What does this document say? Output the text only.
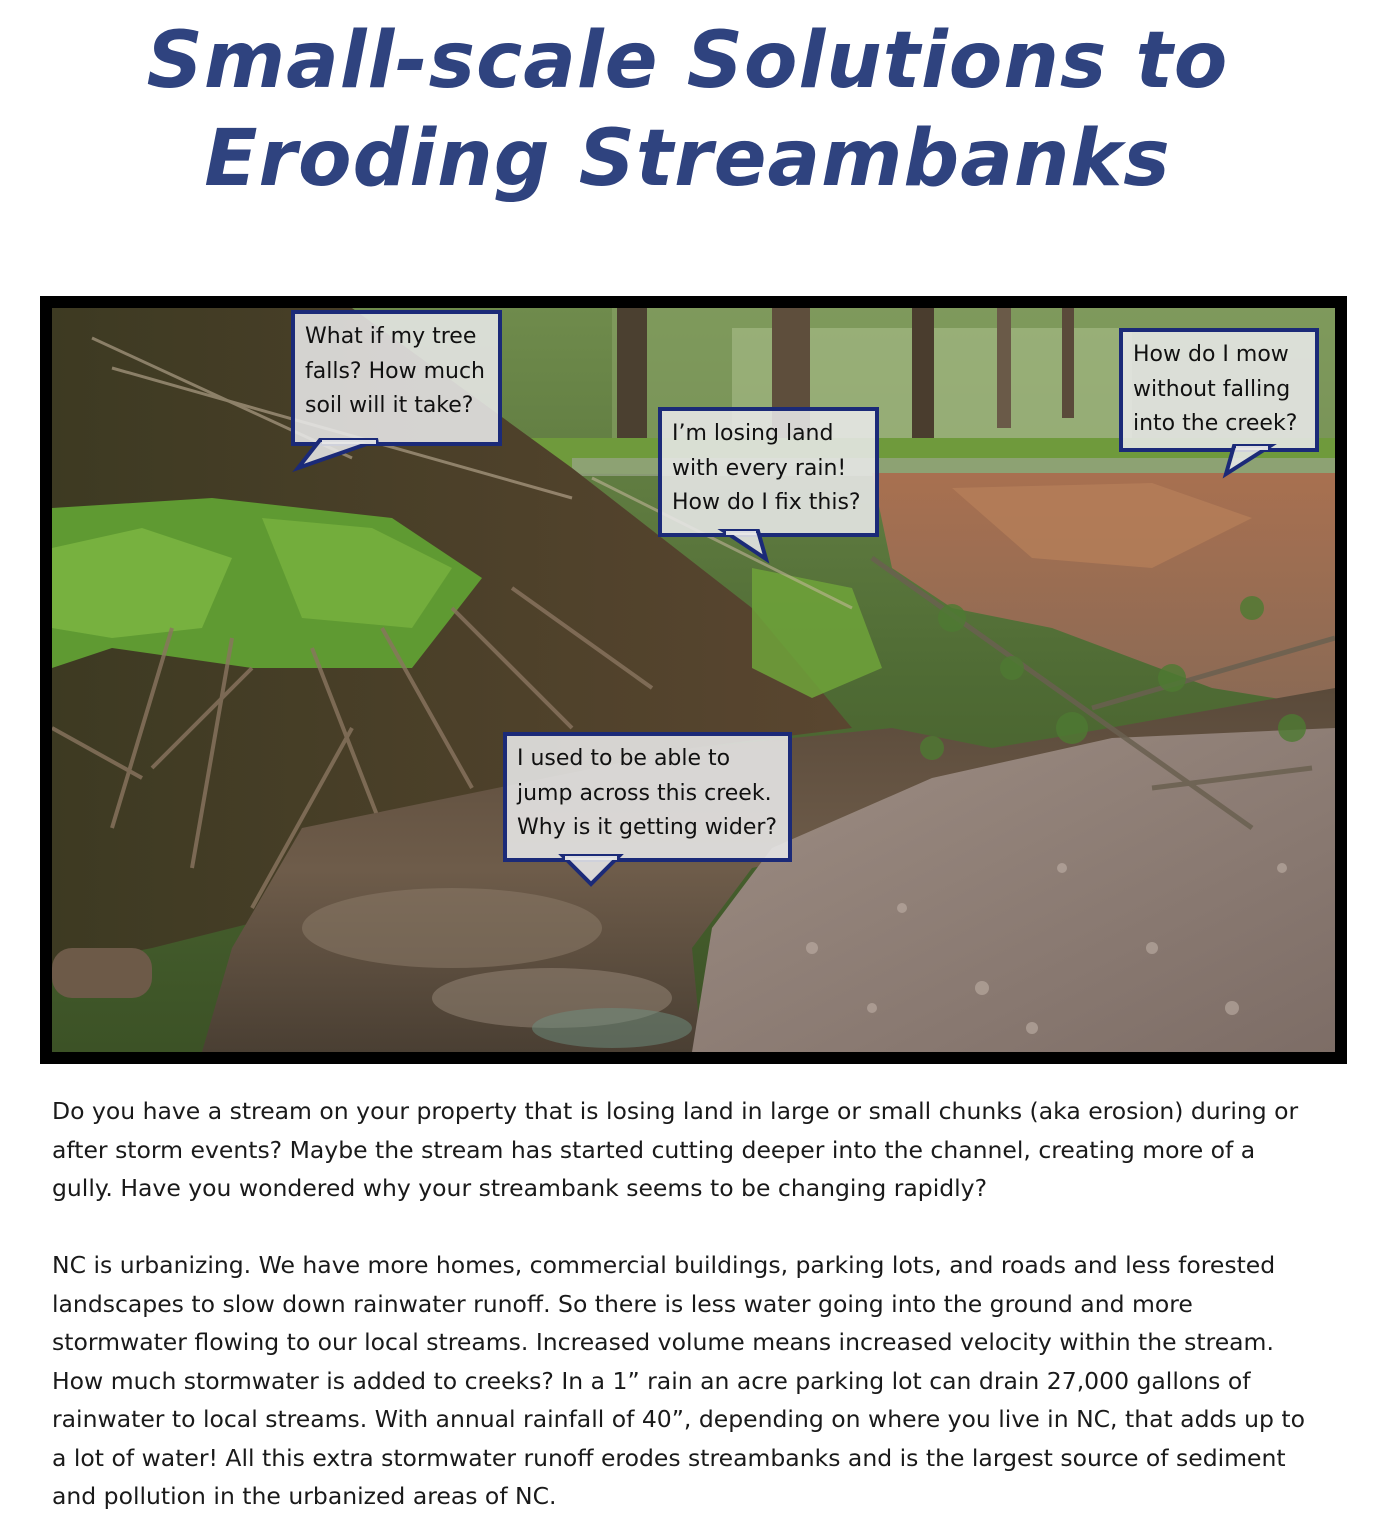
Small-scale Solutions to
Eroding Streambanks
What if my tree
falls? How much
soil will it take?
I’m losing land
with every rain!
How do I fix this?
How do I mow
without falling
into the creek?
I used to be able to
jump across this creek.
Why is it getting wider?

Do you have a stream on your property that is losing land in large or small chunks (aka erosion) during or
after storm events? Maybe the stream has started cutting deeper into the channel, creating more of a
gully. Have you wondered why your streambank seems to be changing rapidly?

NC is urbanizing. We have more homes, commercial buildings, parking lots, and roads and less forested
landscapes to slow down rainwater runoff. So there is less water going into the ground and more
stormwater flowing to our local streams. Increased volume means increased velocity within the stream.
How much stormwater is added to creeks? In a 1” rain an acre parking lot can drain 27,000 gallons of
rainwater to local streams. With annual rainfall of 40”, depending on where you live in NC, that adds up to
a lot of water! All this extra stormwater runoff erodes streambanks and is the largest source of sediment
and pollution in the urbanized areas of NC.
